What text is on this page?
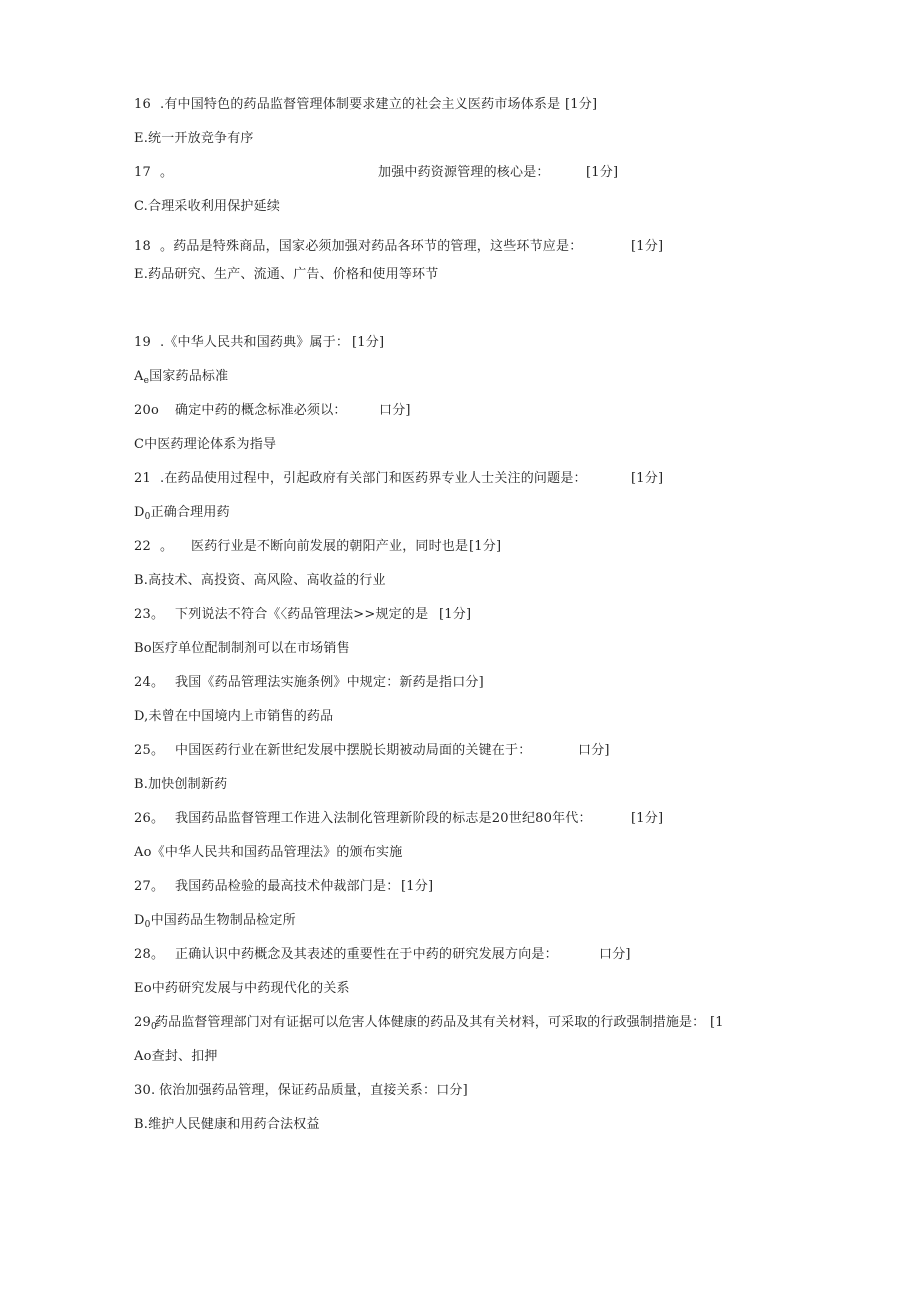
16 .有中国特色的药品监督管理体制要求建立的社会主义医药市场体系是 [1分]
E.统一开放竞争有序
17 。	加强中药资源管理的核心是：	[1分]
C.合理采收利用保护延续
18 。药品是特殊商品，国家必须加强对药品各环节的管理，这些环节应是：	[1分]
E.药品研究、生产、流通、广告、价格和使用等环节
19 .《中华人民共和国药典》属于： [1分]
$A_e$国家药品标准
20o 确定中药的概念标准必须以： 口分]
C中医药理论体系为指导
21 .在药品使用过程中，引起政府有关部门和医药界专业人士关注的问题是：	[1分]
$D_0$正确合理用药
22 。 医药行业是不断向前发展的朝阳产业，同时也是 [1分]
B.高技术、高投资、高风险、高收益的行业
23。 下列说法不符合《〈药品管理法>>规定的是 [1分]
Bo医疗单位配制制剂可以在市场销售
24。 我国《药品管理法实施条例》中规定：新药是指口分]
D,未曾在中国境内上市销售的药品
25。 中国医药行业在新世纪发展中摆脱长期被动局面的关键在于：	口分]
B.加快创制新药
26。 我国药品监督管理工作进入法制化管理新阶段的标志是20世纪80年代：	[1分]
Ao《中华人民共和国药品管理法》的颁布实施
27。 我国药品检验的最高技术仲裁部门是： [1分]
$D_0$中国药品生物制品检定所
28。 正确认识中药概念及其表述的重要性在于中药的研究发展方向是：	口分]
Eo中药研究发展与中药现代化的关系
$29_0$
药品监督管理部门对有证据可以危害人体健康的药品及其有关材料，可采取的行政强制措施是： [1
Ao查封、扣押
30. 依治加强药品管理，保证药品质量，直接关系：口分]
B.维护人民健康和用药合法权益
